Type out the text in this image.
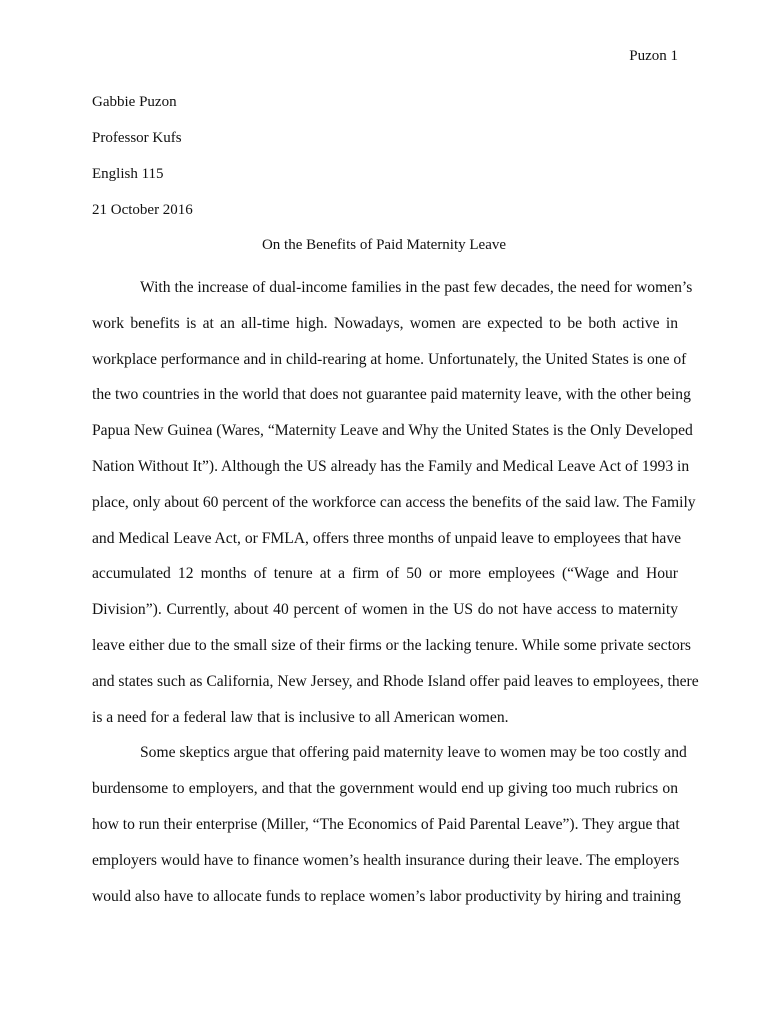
Puzon 1
Gabbie Puzon
Professor Kufs
English 115
21 October 2016
On the Benefits of Paid Maternity Leave
With the increase of dual-income families in the past few decades, the need for women’s
work benefits is at an all-time high. Nowadays, women are expected to be both active in
workplace performance and in child-rearing at home. Unfortunately, the United States is one of
the two countries in the world that does not guarantee paid maternity leave, with the other being
Papua New Guinea (Wares, “Maternity Leave and Why the United States is the Only Developed
Nation Without It”). Although the US already has the Family and Medical Leave Act of 1993 in
place, only about 60 percent of the workforce can access the benefits of the said law. The Family
and Medical Leave Act, or FMLA, offers three months of unpaid leave to employees that have
accumulated 12 months of tenure at a firm of 50 or more employees (“Wage and Hour
Division”). Currently, about 40 percent of women in the US do not have access to maternity
leave either due to the small size of their firms or the lacking tenure. While some private sectors
and states such as California, New Jersey, and Rhode Island offer paid leaves to employees, there
is a need for a federal law that is inclusive to all American women.
Some skeptics argue that offering paid maternity leave to women may be too costly and
burdensome to employers, and that the government would end up giving too much rubrics on
how to run their enterprise (Miller, “The Economics of Paid Parental Leave”). They argue that
employers would have to finance women’s health insurance during their leave. The employers
would also have to allocate funds to replace women’s labor productivity by hiring and training
